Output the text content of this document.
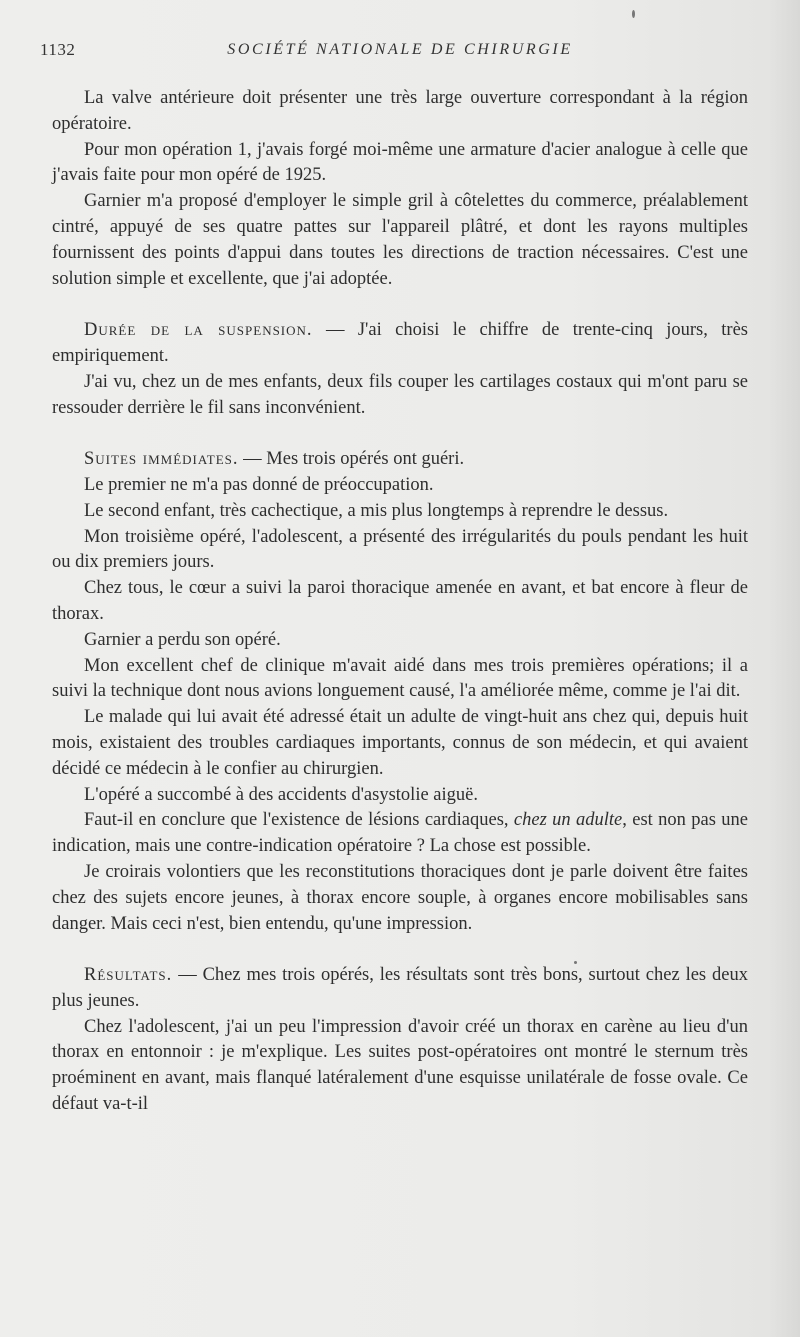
1132	SOCIÉTÉ NATIONALE DE CHIRURGIE

La valve antérieure doit présenter une très large ouverture correspondant à la région opératoire.

Pour mon opération 1, j'avais forgé moi-même une armature d'acier analogue à celle que j'avais faite pour mon opéré de 1925.

Garnier m'a proposé d'employer le simple gril à côtelettes du commerce, préalablement cintré, appuyé de ses quatre pattes sur l'appareil plâtré, et dont les rayons multiples fournissent des points d'appui dans toutes les directions de traction nécessaires. C'est une solution simple et excellente, que j'ai adoptée.

Durée de la suspension. — J'ai choisi le chiffre de trente-cinq jours, très empiriquement.

J'ai vu, chez un de mes enfants, deux fils couper les cartilages costaux qui m'ont paru se ressouder derrière le fil sans inconvénient.

Suites immédiates. — Mes trois opérés ont guéri.

Le premier ne m'a pas donné de préoccupation.

Le second enfant, très cachectique, a mis plus longtemps à reprendre le dessus.

Mon troisième opéré, l'adolescent, a présenté des irrégularités du pouls pendant les huit ou dix premiers jours.

Chez tous, le cœur a suivi la paroi thoracique amenée en avant, et bat encore à fleur de thorax.

Garnier a perdu son opéré.

Mon excellent chef de clinique m'avait aidé dans mes trois premières opérations; il a suivi la technique dont nous avions longuement causé, l'a améliorée même, comme je l'ai dit.

Le malade qui lui avait été adressé était un adulte de vingt-huit ans chez qui, depuis huit mois, existaient des troubles cardiaques importants, connus de son médecin, et qui avaient décidé ce médecin à le confier au chirurgien.

L'opéré a succombé à des accidents d'asystolie aiguë.

Faut-il en conclure que l'existence de lésions cardiaques, chez un adulte, est non pas une indication, mais une contre-indication opératoire ? La chose est possible.

Je croirais volontiers que les reconstitutions thoraciques dont je parle doivent être faites chez des sujets encore jeunes, à thorax encore souple, à organes encore mobilisables sans danger. Mais ceci n'est, bien entendu, qu'une impression.

Résultats. — Chez mes trois opérés, les résultats sont très bons, surtout chez les deux plus jeunes.

Chez l'adolescent, j'ai un peu l'impression d'avoir créé un thorax en carène au lieu d'un thorax en entonnoir : je m'explique. Les suites post-opératoires ont montré le sternum très proéminent en avant, mais flanqué latéralement d'une esquisse unilatérale de fosse ovale. Ce défaut va-t-il
